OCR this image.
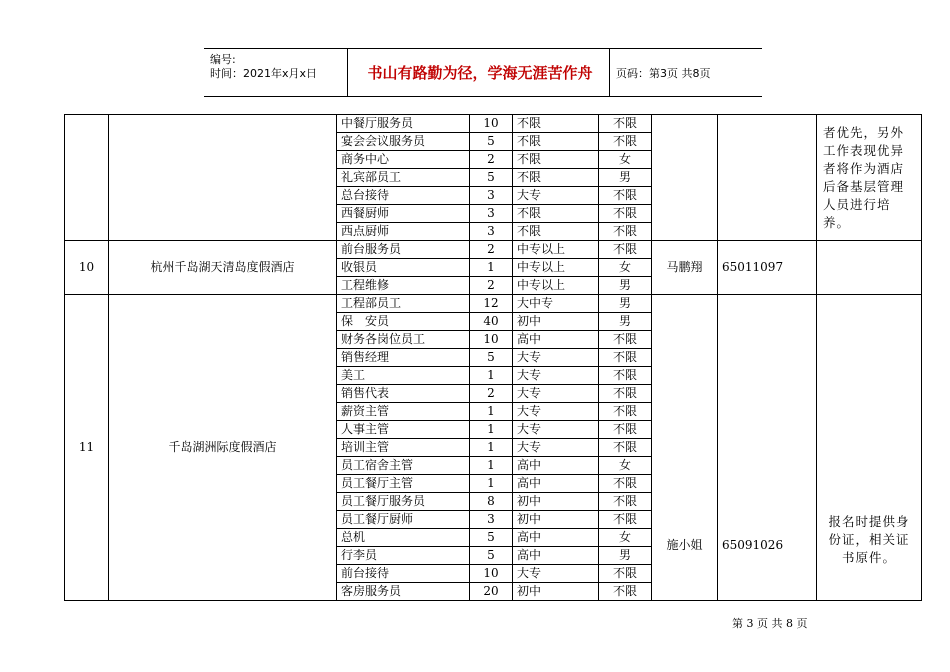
编号:
时间：2021年x月x日	书山有路勤为径，学海无涯苦作舟	页码：第3页 共8页
		中餐厅服务员	10	不限	不限			者优先，另外工作表现优异者将作为酒店后备基层管理人员进行培养。
		宴会会议服务员	5	不限	不限			
		商务中心	2	不限	女			
		礼宾部员工	5	不限	男			
		总台接待	3	大专	不限			
		西餐厨师	3	不限	不限			
		西点厨师	3	不限	不限			
10	杭州千岛湖天清岛度假酒店	前台服务员	2	中专以上	不限	马鹏翔	65011097	
		收银员	1	中专以上	女			
		工程维修	2	中专以上	男			
11	千岛湖洲际度假酒店	工程部员工	12	大中专	男	施小姐	65091026	报名时提供身份证，相关证书原件。
		保　安员	40	初中	男			
		财务各岗位员工	10	高中	不限			
		销售经理	5	大专	不限			
		美工	1	大专	不限			
		销售代表	2	大专	不限			
		薪资主管	1	大专	不限			
		人事主管	1	大专	不限			
		培训主管	1	大专	不限			
		员工宿舍主管	1	高中	女			
		员工餐厅主管	1	高中	不限			
		员工餐厅服务员	8	初中	不限			
		员工餐厅厨师	3	初中	不限			
		总机	5	高中	女			
		行李员	5	高中	男			
		前台接待	10	大专	不限			
		客房服务员	20	初中	不限			
第 3 页 共 8 页
